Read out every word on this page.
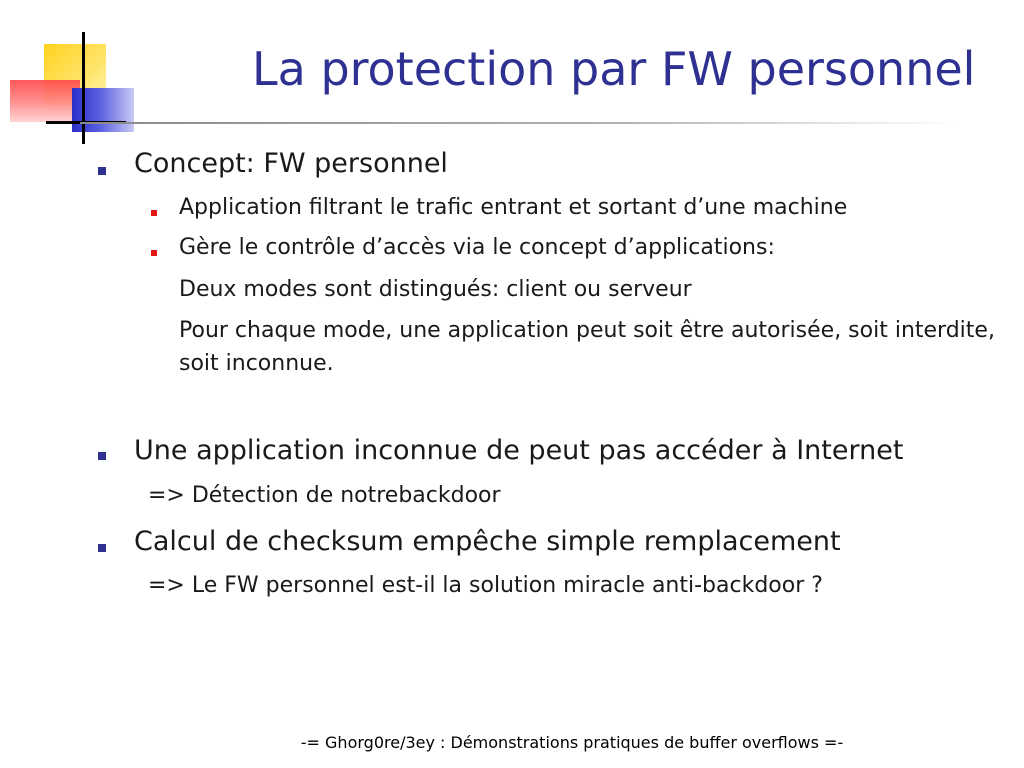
La protection par FW personnel
Concept: FW personnel
Application filtrant le trafic entrant et sortant d’une machine
Gère le contrôle d’accès via le concept d’applications:
Deux modes sont distingués: client ou serveur
Pour chaque mode, une application peut soit être autorisée, soit interdite, soit inconnue.
Une application inconnue de peut pas accéder à Internet
=> Détection de notrebackdoor
Calcul de checksum empêche simple remplacement
=> Le FW personnel est-il la solution miracle anti-backdoor ?
-= Ghorg0re/3ey : Démonstrations pratiques de buffer overflows =-
